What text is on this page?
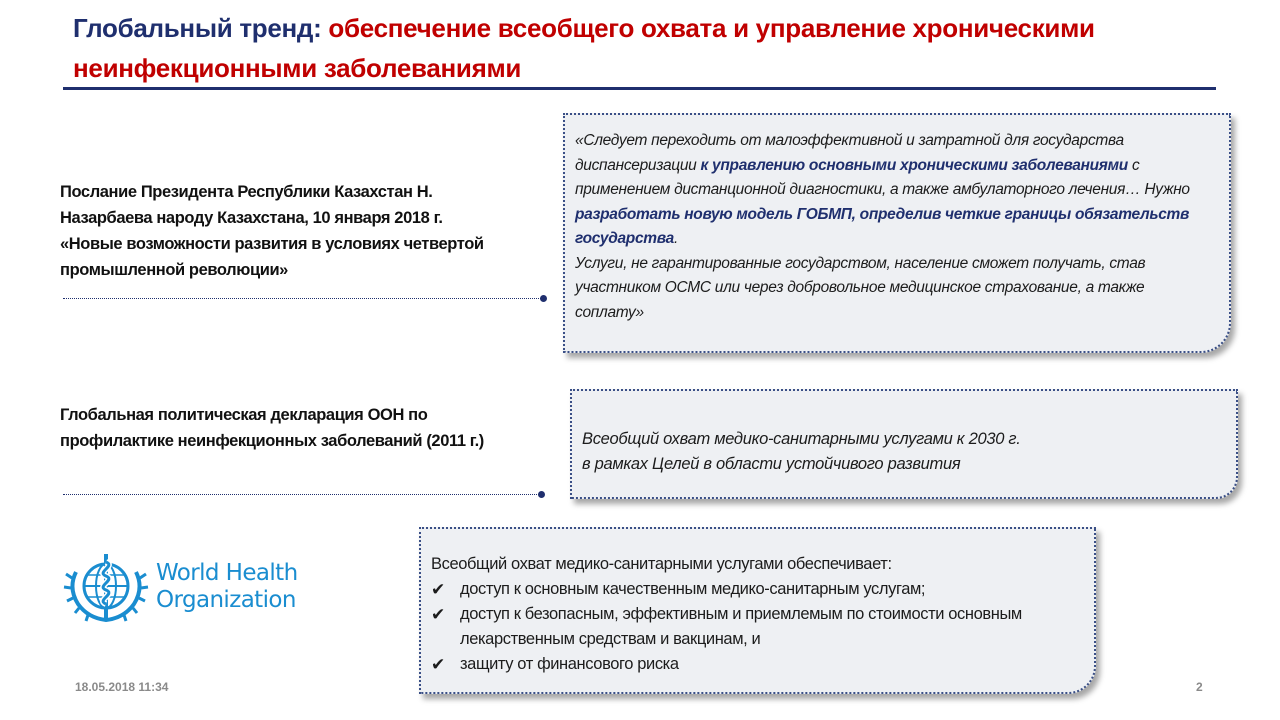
Глобальный тренд: обеспечение всеобщего охвата и управление хроническими неинфекционными заболеваниями
Послание Президента Республики Казахстан Н.
Назарбаева народу Казахстана, 10 января 2018 г.
«Новые возможности развития в условиях четвертой
промышленной революции»
«Следует переходить от малоэффективной и затратной для государства диспансеризации к управлению основными хроническими заболеваниями с применением дистанционной диагностики, а также амбулаторного лечения… Нужно разработать новую модель ГОБМП, определив четкие границы обязательств государства.
Услуги, не гарантированные государством, население сможет получать, став участником ОСМС или через добровольное медицинское страхование, а также соплату»
Глобальная политическая декларация ООН по
профилактике неинфекционных заболеваний (2011 г.)	Всеобщий охват медико-санитарными услугами к 2030 г.
в рамках Целей в области устойчивого развития
Всеобщий охват медико-санитарными услугами обеспечивает:
✔ доступ к основным качественным медико-санитарным услугам;
✔ доступ к безопасным, эффективным и приемлемым по стоимости основным лекарственным средствам и вакцинам, и
✔ защиту от финансового риска
World Health
Organization
18.05.2018 11:34	2
